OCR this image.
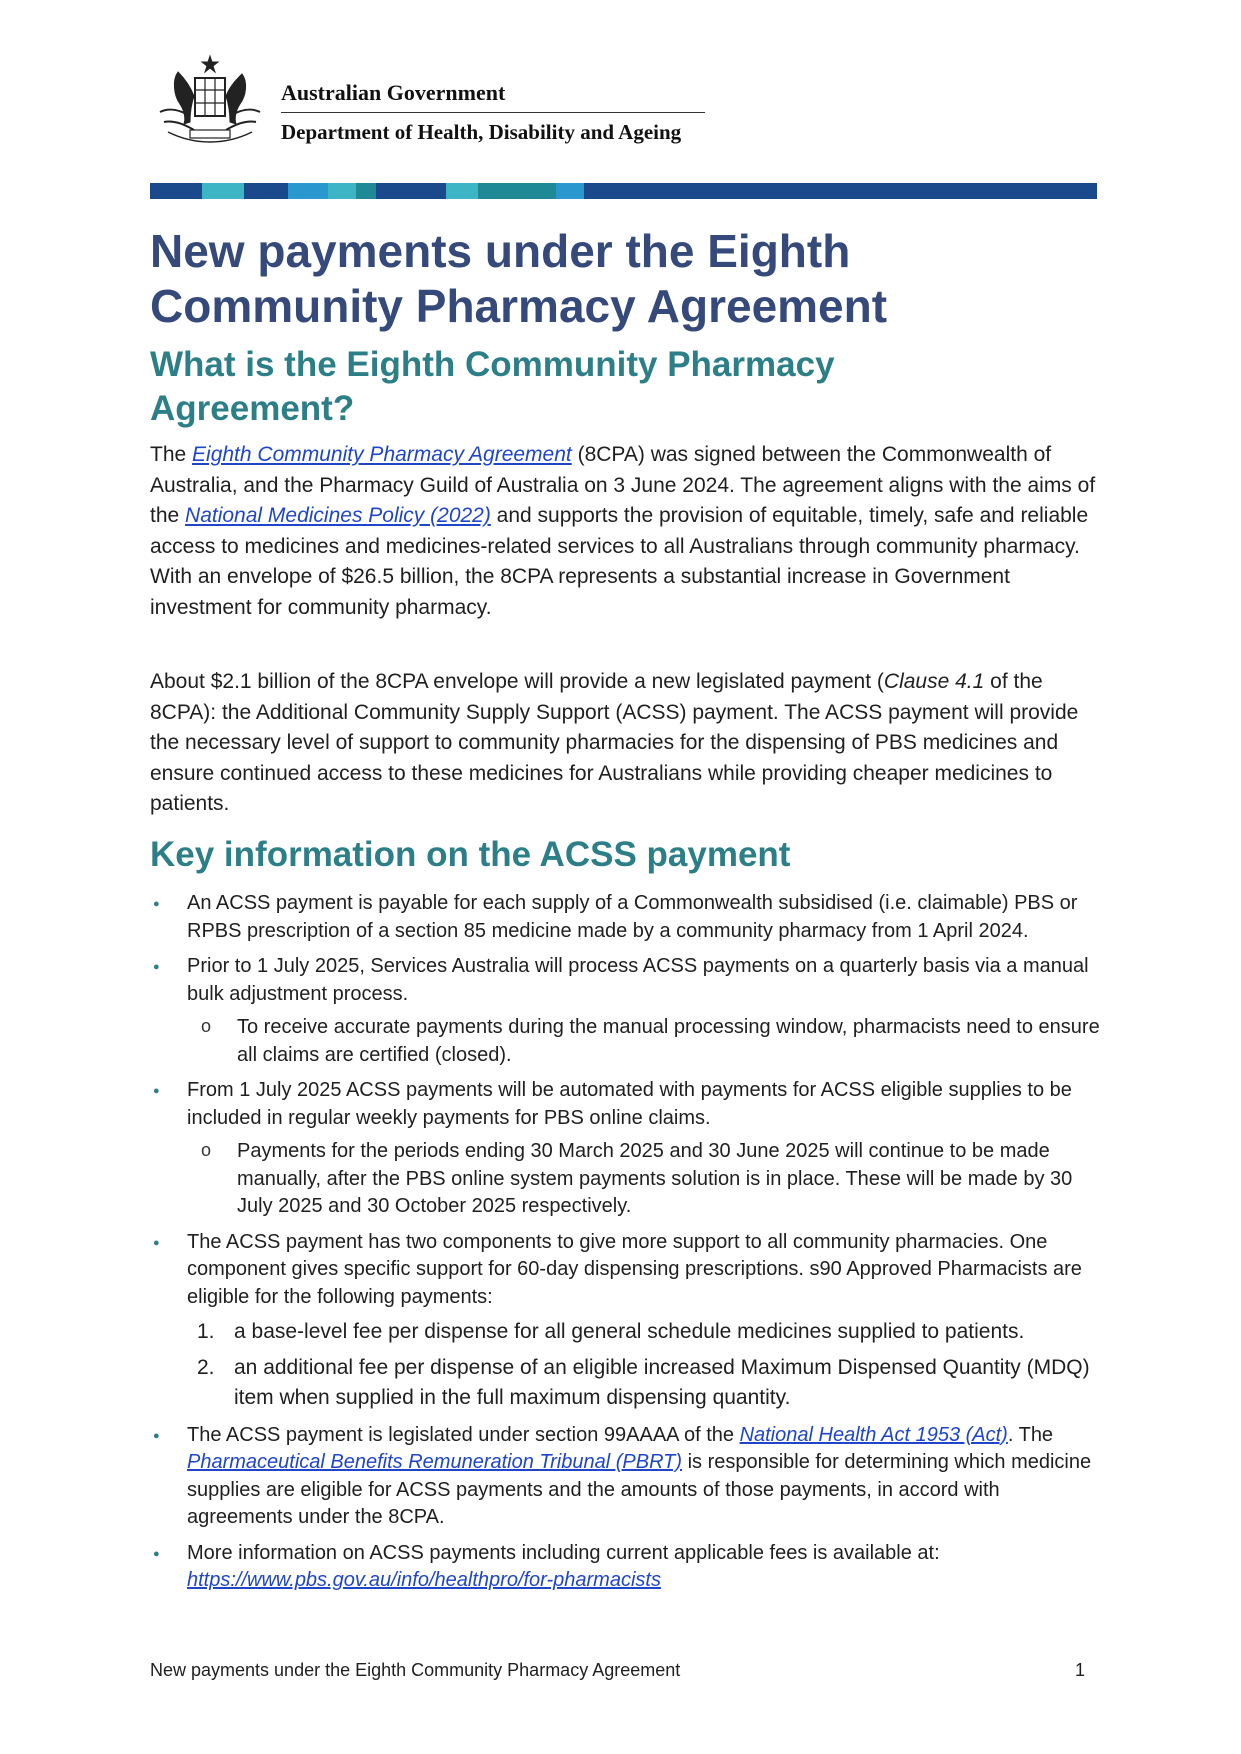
Australian Government
Department of Health, Disability and Ageing
New payments under the Eighth
Community Pharmacy Agreement
What is the Eighth Community Pharmacy
Agreement?

The Eighth Community Pharmacy Agreement (8CPA) was signed between the Commonwealth of Australia, and the Pharmacy Guild of Australia on 3 June 2024. The agreement aligns with the aims of the National Medicines Policy (2022) and supports the provision of equitable, timely, safe and reliable access to medicines and medicines-related services to all Australians through community pharmacy. With an envelope of $26.5 billion, the 8CPA represents a substantial increase in Government investment for community pharmacy.

About $2.1 billion of the 8CPA envelope will provide a new legislated payment (Clause 4.1 of the 8CPA): the Additional Community Supply Support (ACSS) payment. The ACSS payment will provide the necessary level of support to community pharmacies for the dispensing of PBS medicines and ensure continued access to these medicines for Australians while providing cheaper medicines to patients.

Key information on the ACSS payment
● An ACSS payment is payable for each supply of a Commonwealth subsidised (i.e. claimable) PBS or RPBS prescription of a section 85 medicine made by a community pharmacy from 1 April 2024.
● Prior to 1 July 2025, Services Australia will process ACSS payments on a quarterly basis via a manual bulk adjustment process.
o To receive accurate payments during the manual processing window, pharmacists need to ensure all claims are certified (closed).
● From 1 July 2025 ACSS payments will be automated with payments for ACSS eligible supplies to be included in regular weekly payments for PBS online claims.
o Payments for the periods ending 30 March 2025 and 30 June 2025 will continue to be made manually, after the PBS online system payments solution is in place. These will be made by 30 July 2025 and 30 October 2025 respectively.
● The ACSS payment has two components to give more support to all community pharmacies. One component gives specific support for 60-day dispensing prescriptions. s90 Approved Pharmacists are eligible for the following payments:
1. a base-level fee per dispense for all general schedule medicines supplied to patients.
2. an additional fee per dispense of an eligible increased Maximum Dispensed Quantity (MDQ) item when supplied in the full maximum dispensing quantity.
● The ACSS payment is legislated under section 99AAAA of the National Health Act 1953 (Act). The Pharmaceutical Benefits Remuneration Tribunal (PBRT) is responsible for determining which medicine supplies are eligible for ACSS payments and the amounts of those payments, in accord with agreements under the 8CPA.
● More information on ACSS payments including current applicable fees is available at: https://www.pbs.gov.au/info/healthpro/for-pharmacists
New payments under the Eighth Community Pharmacy Agreement	1
